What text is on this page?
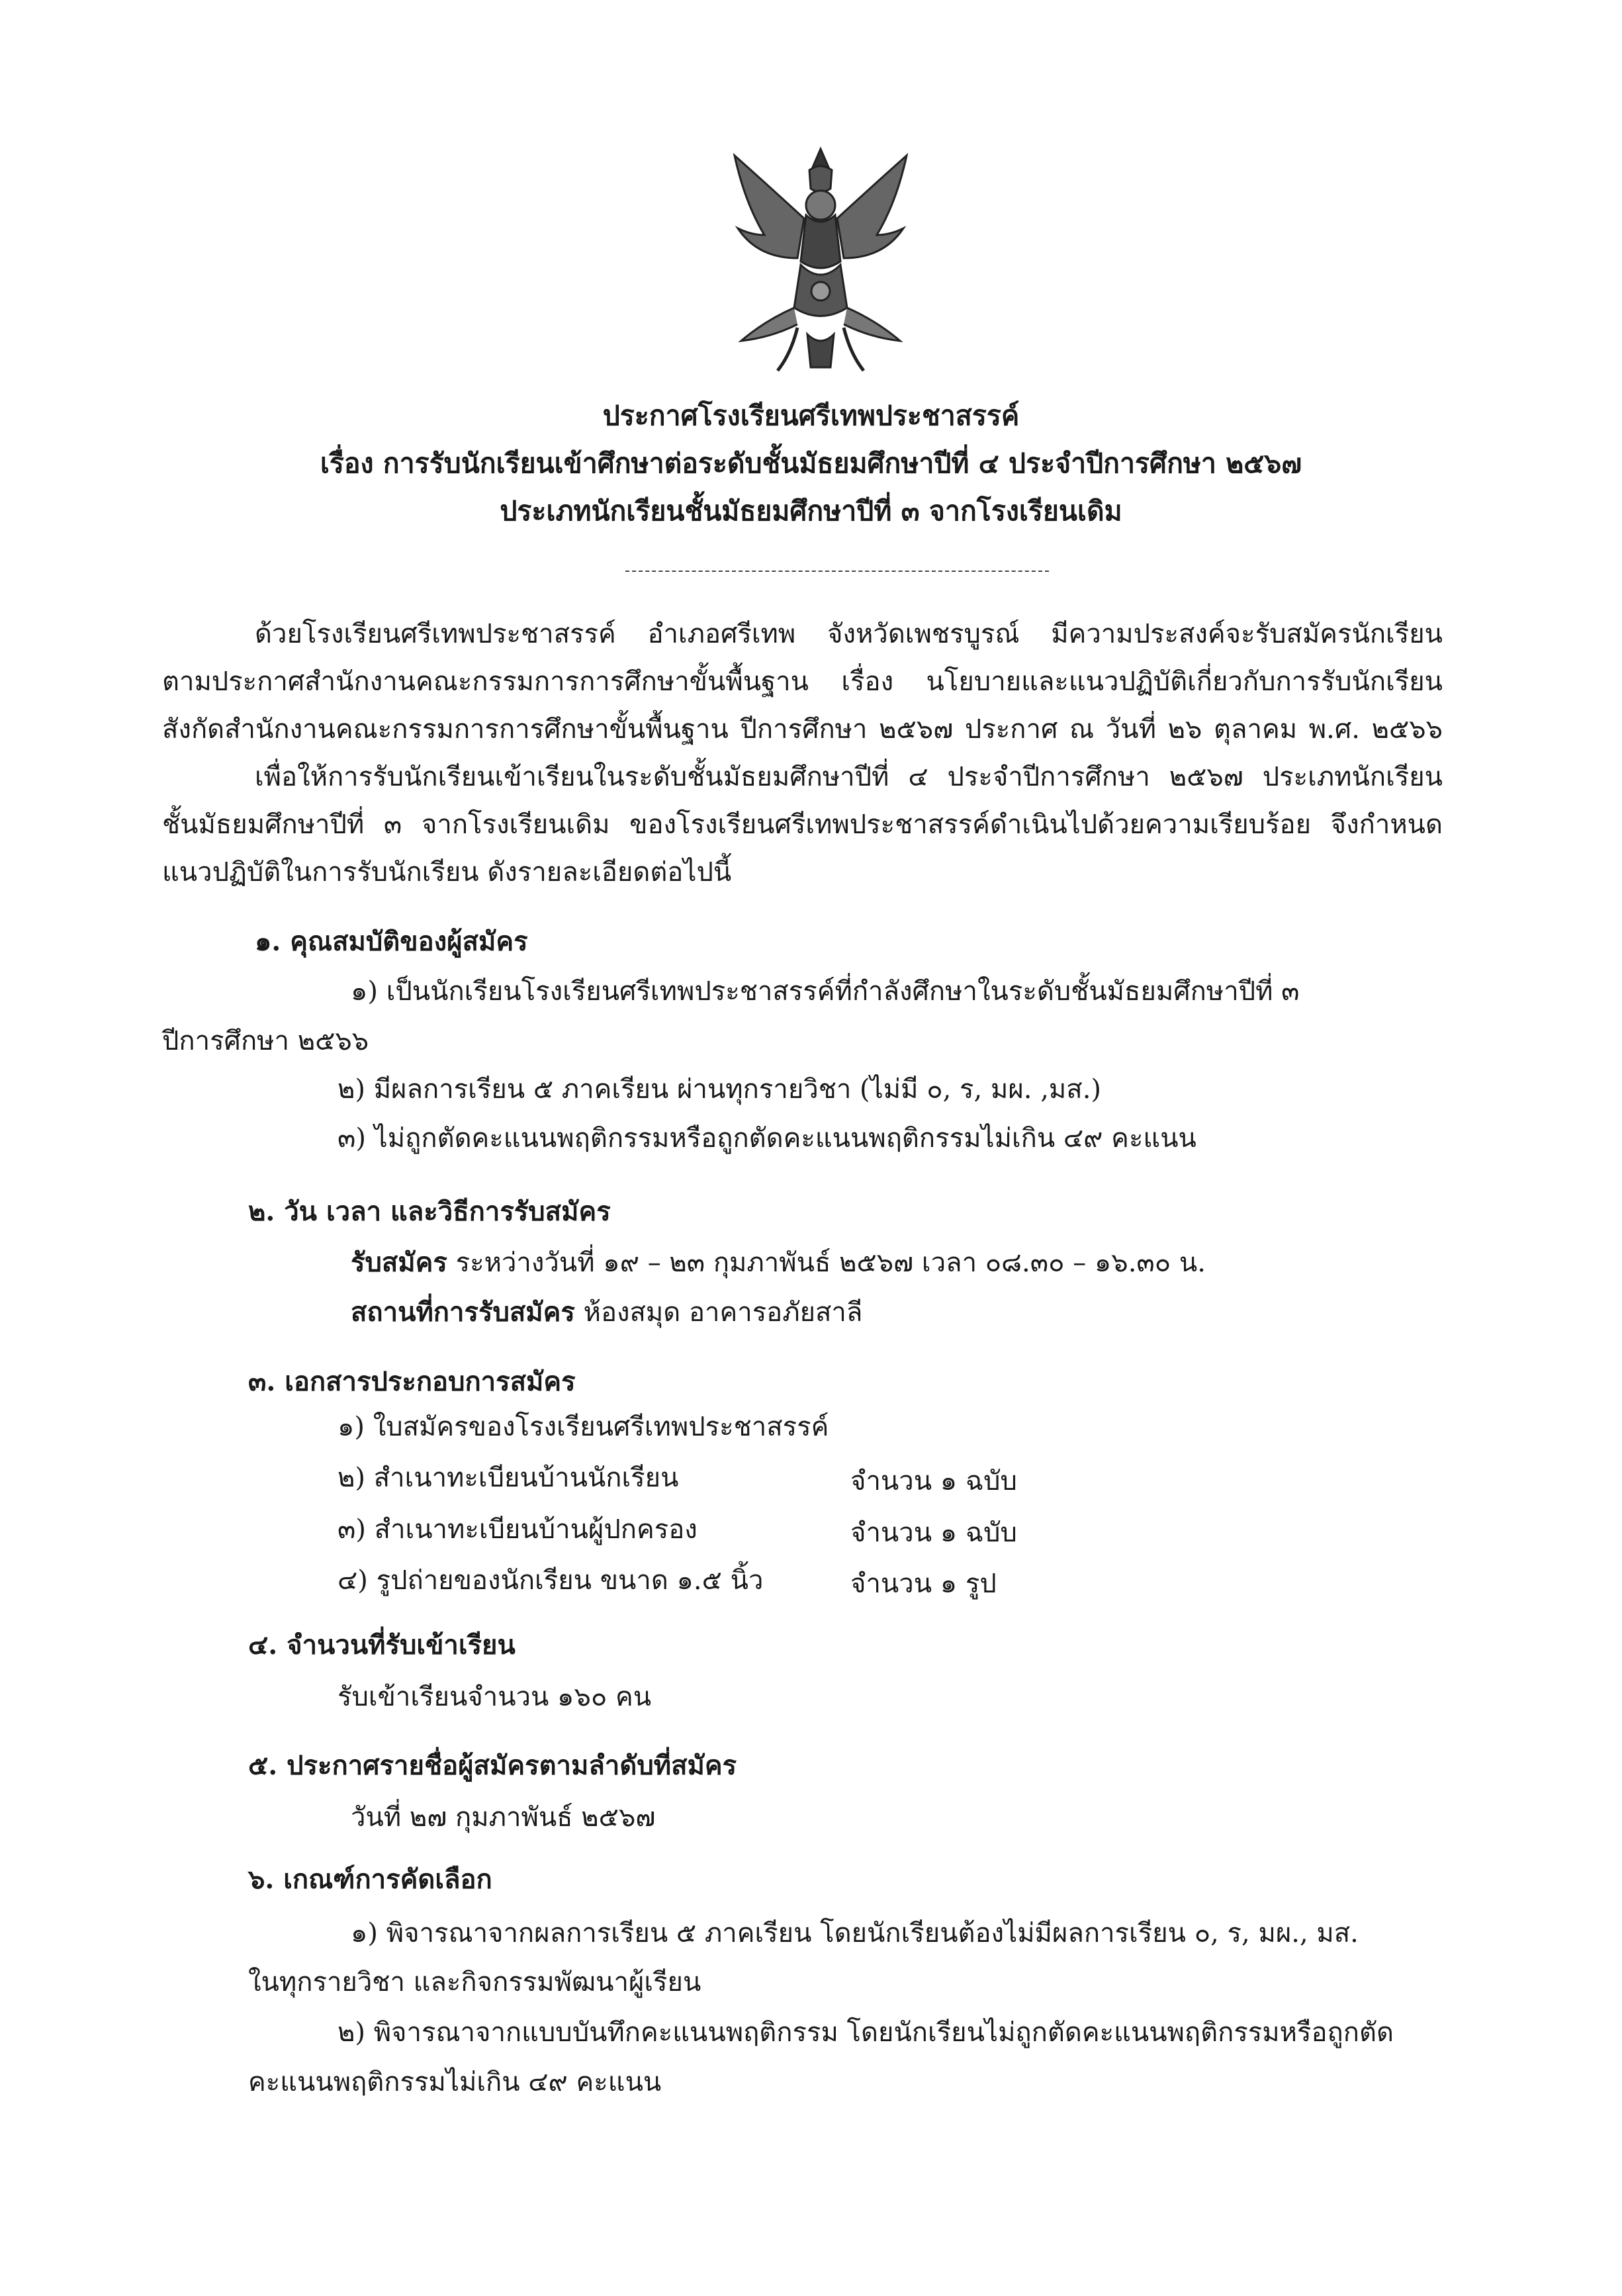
ประกาศโรงเรียนศรีเทพประชาสรรค์
เรื่อง การรับนักเรียนเข้าศึกษาต่อระดับชั้นมัธยมศึกษาปีที่ ๔ ประจำปีการศึกษา ๒๕๖๗
ประเภทนักเรียนชั้นมัธยมศึกษาปีที่ ๓ จากโรงเรียนเดิม
ด้วยโรงเรียนศรีเทพประชาสรรค์ อำเภอศรีเทพ จังหวัดเพชรบูรณ์ มีความประสงค์จะรับสมัครนักเรียน
ตามประกาศสำนักงานคณะกรรมการการศึกษาขั้นพื้นฐาน เรื่อง นโยบายและแนวปฏิบัติเกี่ยวกับการรับนักเรียน
สังกัดสำนักงานคณะกรรมการการศึกษาขั้นพื้นฐาน ปีการศึกษา ๒๕๖๗ ประกาศ ณ วันที่ ๒๖ ตุลาคม พ.ศ. ๒๕๖๖
เพื่อให้การรับนักเรียนเข้าเรียนในระดับชั้นมัธยมศึกษาปีที่ ๔ ประจำปีการศึกษา ๒๕๖๗ ประเภทนักเรียน
ชั้นมัธยมศึกษาปีที่ ๓ จากโรงเรียนเดิม ของโรงเรียนศรีเทพประชาสรรค์ดำเนินไปด้วยความเรียบร้อย จึงกำหนด
แนวปฏิบัติในการรับนักเรียน ดังรายละเอียดต่อไปนี้
๑. คุณสมบัติของผู้สมัคร
๑) เป็นนักเรียนโรงเรียนศรีเทพประชาสรรค์ที่กำลังศึกษาในระดับชั้นมัธยมศึกษาปีที่ ๓
ปีการศึกษา ๒๕๖๖
๒) มีผลการเรียน ๕ ภาคเรียน ผ่านทุกรายวิชา (ไม่มี ๐, ร, มผ. ,มส.)
๓) ไม่ถูกตัดคะแนนพฤติกรรมหรือถูกตัดคะแนนพฤติกรรมไม่เกิน ๔๙ คะแนน
๒. วัน เวลา และวิธีการรับสมัคร
รับสมัคร ระหว่างวันที่ ๑๙ – ๒๓ กุมภาพันธ์ ๒๕๖๗ เวลา ๐๘.๓๐ – ๑๖.๓๐ น.
สถานที่การรับสมัคร ห้องสมุด อาคารอภัยสาลี
๓. เอกสารประกอบการสมัคร
๑) ใบสมัครของโรงเรียนศรีเทพประชาสรรค์
๒) สำเนาทะเบียนบ้านนักเรียน	จำนวน ๑ ฉบับ
๓) สำเนาทะเบียนบ้านผู้ปกครอง	จำนวน ๑ ฉบับ
๔) รูปถ่ายของนักเรียน ขนาด ๑.๕ นิ้ว	จำนวน ๑ รูป
๔. จำนวนที่รับเข้าเรียน
รับเข้าเรียนจำนวน ๑๖๐ คน
๕. ประกาศรายชื่อผู้สมัครตามลำดับที่สมัคร
วันที่ ๒๗ กุมภาพันธ์ ๒๕๖๗
๖. เกณฑ์การคัดเลือก
๑) พิจารณาจากผลการเรียน ๕ ภาคเรียน โดยนักเรียนต้องไม่มีผลการเรียน ๐, ร, มผ., มส.
ในทุกรายวิชา และกิจกรรมพัฒนาผู้เรียน
๒) พิจารณาจากแบบบันทึกคะแนนพฤติกรรม โดยนักเรียนไม่ถูกตัดคะแนนพฤติกรรมหรือถูกตัด
คะแนนพฤติกรรมไม่เกิน ๔๙ คะแนน
